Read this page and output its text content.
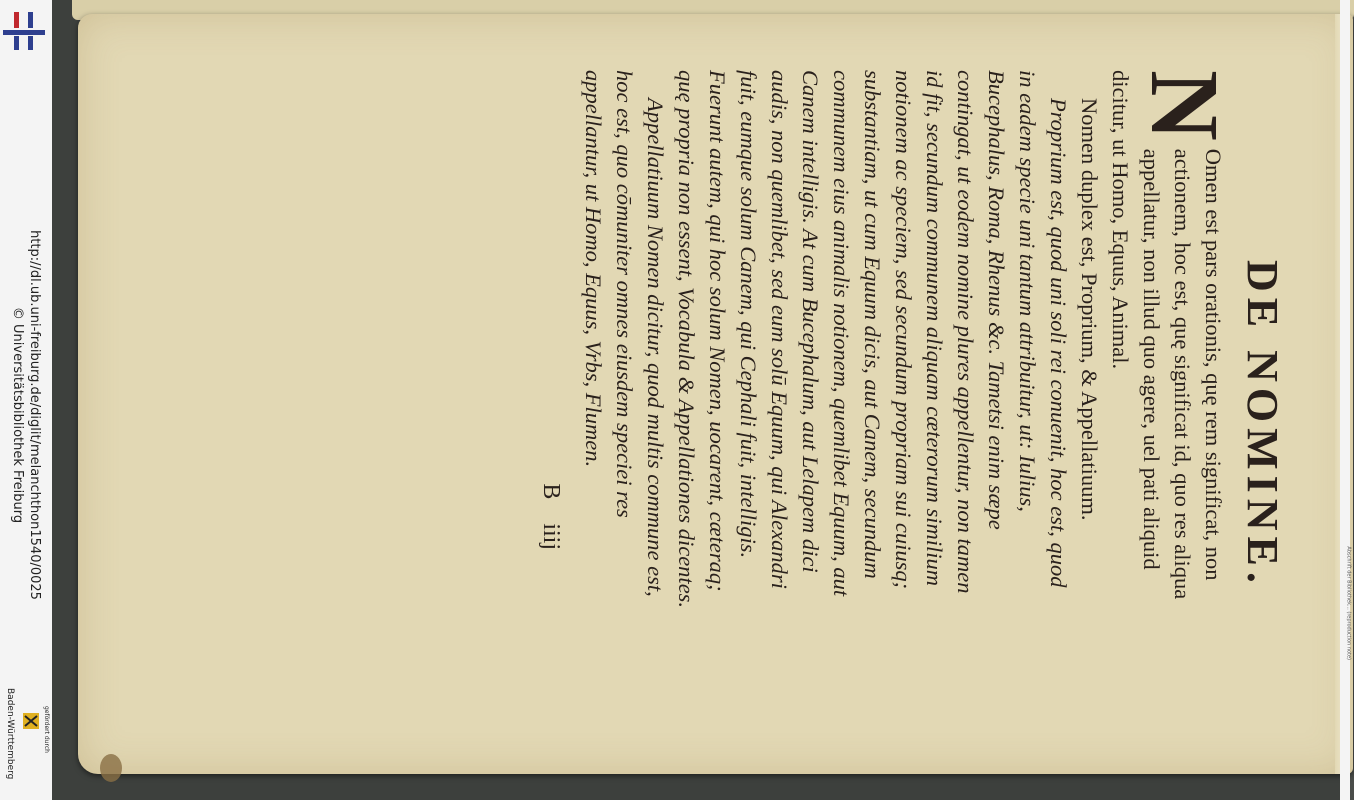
http://dl.ub.uni-freiburg.de/diglit/melanchthon1540/0025
© Universitätsbibliothek Freiburg
gefördert durch
Baden-Württemberg
DE NOMINE.

N
Omen est pars orationis, quę rem significat, non actionem, hoc est, quę significat id, quo res aliqua appellatur, non illud quo agere, uel pati aliquid dicitur, ut Homo, Equus, Animal.

Nomen duplex est, Proprium, & Appellatiuum.

Proprium est, quod uni soli rei conuenit, hoc est, quod in eadem specie uni tantum attribuitur, ut: Iulius, Bucephalus, Roma, Rhenus &c. Tametsi enim sæpe contingat, ut eodem nomine plures appellentur, non tamen id fit, secundum communem aliquam cæterorum similium notionem ac speciem, sed secundum propriam sui cuiusq; substantiam, ut cum Equum dicis, aut Canem, secundum communem eius animalis notionem, quemlibet Equum, aut Canem intelligis. At cum Bucephalum, aut Lelapem dici audis, non quemlibet, sed eum solū Equum, qui Alexandri fuit, eumque solum Canem, qui Cephali fuit, intelligis. Fuerunt autem, qui hoc solum Nomen, uocarent, cæteraq; quę propria non essent, Vocabula & Appellationes dicentes.

Appellatiuum Nomen dicitur, quod multis commune est, hoc est, quo cōmuniter omnes eiusdem speciei res appellantur, ut Homo, Equus, Vrbs, Flumen.

B
iiij
Abschrift der Bibliothek... (reproduction note)
